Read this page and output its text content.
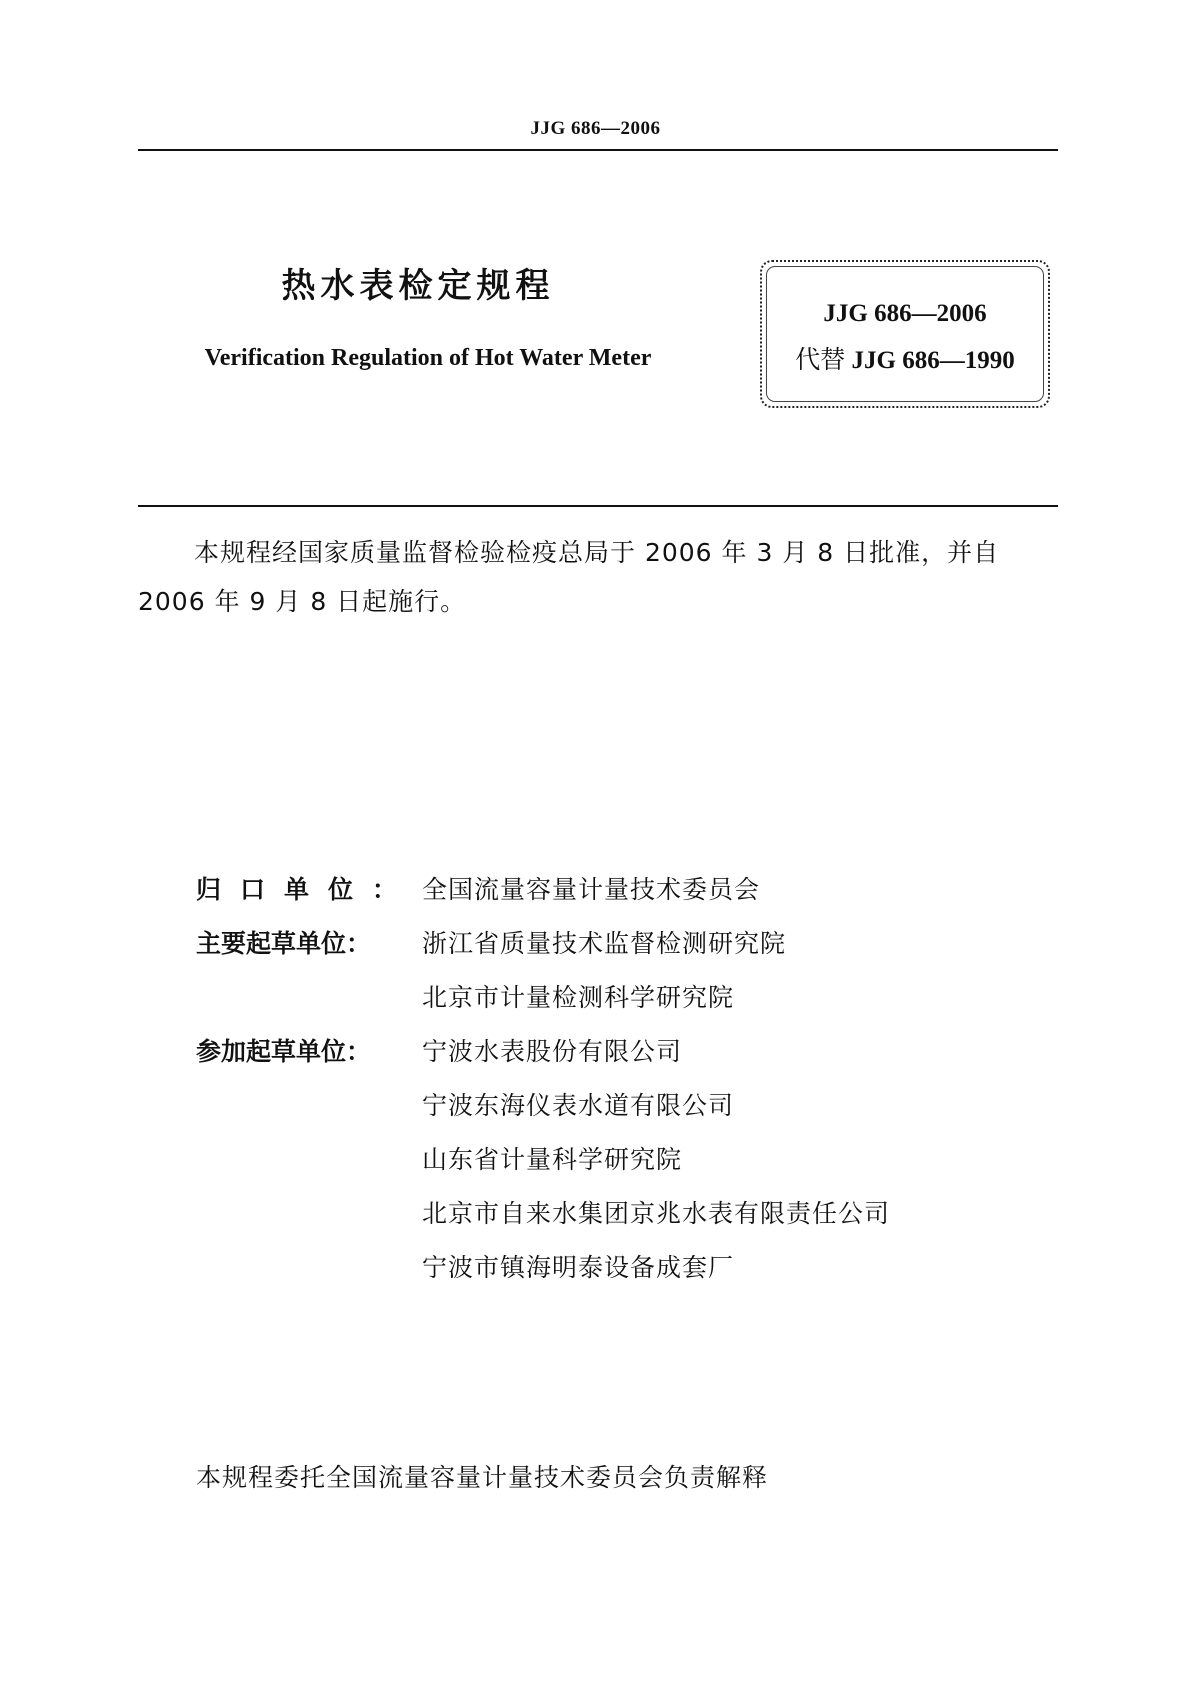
JJG 686—2006
热水表检定规程
Verification Regulation of Hot Water Meter
JJG 686—2006
代替 JJG 686—1990
本规程经国家质量监督检验检疫总局于 2006 年 3 月 8 日批准，并自 2006 年 9 月 8 日起施行。
归口单位： 全国流量容量计量技术委员会
主要起草单位：	浙江省质量技术监督检测研究院
北京市计量检测科学研究院
参加起草单位：	宁波水表股份有限公司
宁波东海仪表水道有限公司
山东省计量科学研究院
北京市自来水集团京兆水表有限责任公司
宁波市镇海明泰设备成套厂
本规程委托全国流量容量计量技术委员会负责解释
